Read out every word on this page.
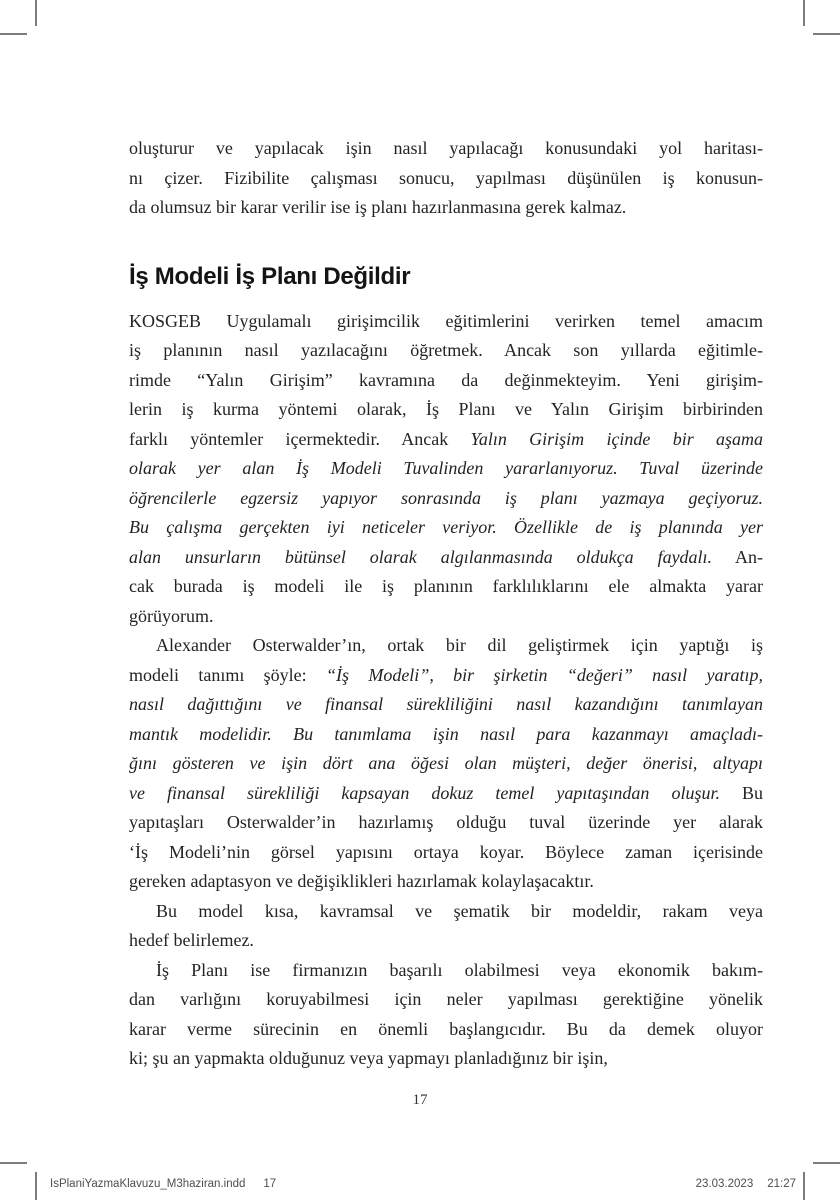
oluşturur ve yapılacak işin nasıl yapılacağı konusundaki yol haritası-
nı çizer. Fizibilite çalışması sonucu, yapılması düşünülen iş konusun-
da olumsuz bir karar verilir ise iş planı hazırlanmasına gerek kalmaz.
İş Modeli İş Planı Değildir
KOSGEB Uygulamalı girişimcilik eğitimlerini verirken temel amacım
iş planının nasıl yazılacağını öğretmek. Ancak son yıllarda eğitimle-
rimde “Yalın Girişim” kavramına da değinmekteyim. Yeni girişim-
lerin iş kurma yöntemi olarak, İş Planı ve Yalın Girişim birbirinden
farklı yöntemler içermektedir. Ancak Yalın Girişim içinde bir aşama
olarak yer alan İş Modeli Tuvalinden yararlanıyoruz. Tuval üzerinde
öğrencilerle egzersiz yapıyor sonrasında iş planı yazmaya geçiyoruz.
Bu çalışma gerçekten iyi neticeler veriyor. Özellikle de iş planında yer
alan unsurların bütünsel olarak algılanmasında oldukça faydalı. An-
cak burada iş modeli ile iş planının farklılıklarını ele almakta yarar
görüyorum.
Alexander Osterwalder’ın, ortak bir dil geliştirmek için yaptığı iş
modeli tanımı şöyle: “İş Modeli”, bir şirketin “değeri” nasıl yaratıp,
nasıl dağıttığını ve finansal sürekliliğini nasıl kazandığını tanımlayan
mantık modelidir. Bu tanımlama işin nasıl para kazanmayı amaçladı-
ğını gösteren ve işin dört ana öğesi olan müşteri, değer önerisi, altyapı
ve finansal sürekliliği kapsayan dokuz temel yapıtaşından oluşur. Bu
yapıtaşları Osterwalder’in hazırlamış olduğu tuval üzerinde yer alarak
‘İş Modeli’nin görsel yapısını ortaya koyar. Böylece zaman içerisinde
gereken adaptasyon ve değişiklikleri hazırlamak kolaylaşacaktır.
Bu model kısa, kavramsal ve şematik bir modeldir, rakam veya
hedef belirlemez.
İş Planı ise firmanızın başarılı olabilmesi veya ekonomik bakım-
dan varlığını koruyabilmesi için neler yapılması gerektiğine yönelik
karar verme sürecinin en önemli başlangıcıdır. Bu da demek oluyor
ki; şu an yapmakta olduğunuz veya yapmayı planladığınız bir işin,
17
IsPlaniYazmaKlavuzu_M3haziran.indd 17	23.03.2023 21:27
